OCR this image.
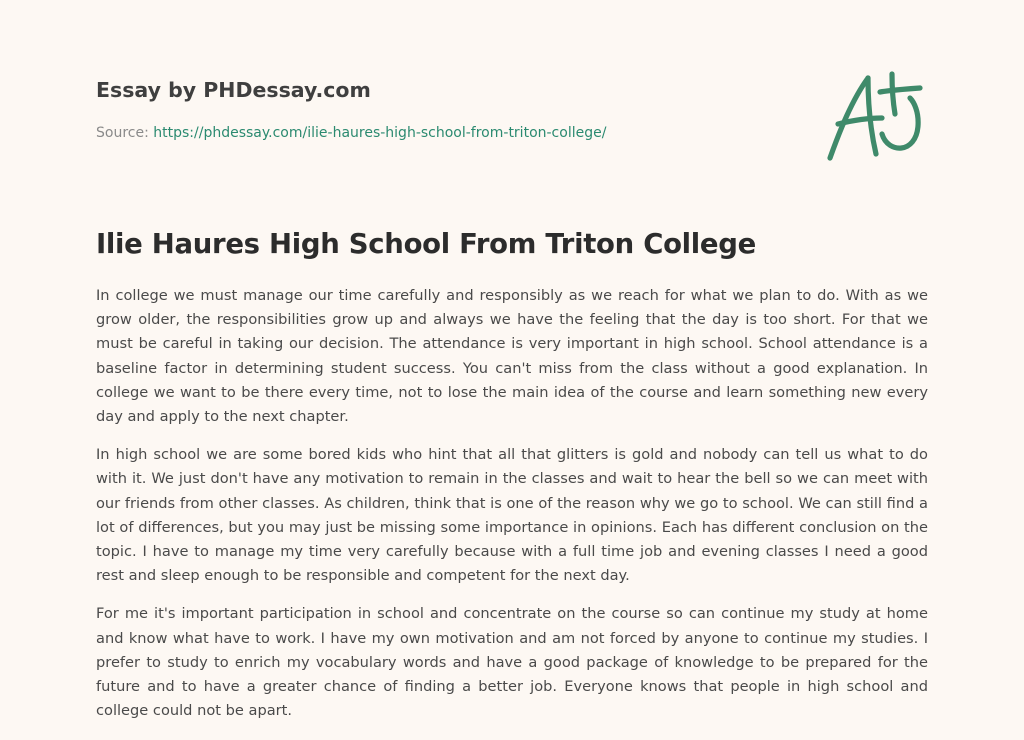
Essay by PHDessay.com
Source: https://phdessay.com/ilie-haures-high-school-from-triton-college/
Ilie Haures High School From Triton College

In college we must manage our time carefully and responsibly as we reach for what we plan to do. With as we grow older, the responsibilities grow up and always we have the feeling that the day is too short. For that we must be careful in taking our decision. The attendance is very important in high school. School attendance is a baseline factor in determining student success. You can't miss from the class without a good explanation. In college we want to be there every time, not to lose the main idea of the course and learn something new every day and apply to the next chapter.

In high school we are some bored kids who hint that all that glitters is gold and nobody can tell us what to do with it. We just don't have any motivation to remain in the classes and wait to hear the bell so we can meet with our friends from other classes. As children, think that is one of the reason why we go to school. We can still find a lot of differences, but you may just be missing some importance in opinions. Each has different conclusion on the topic. I have to manage my time very carefully because with a full time job and evening classes I need a good rest and sleep enough to be responsible and competent for the next day.

For me it's important participation in school and concentrate on the course so can continue my study at home and know what have to work. I have my own motivation and am not forced by anyone to continue my studies. I prefer to study to enrich my vocabulary words and have a good package of knowledge to be prepared for the future and to have a greater chance of finding a better job. Everyone knows that people in high school and college could not be apart.
